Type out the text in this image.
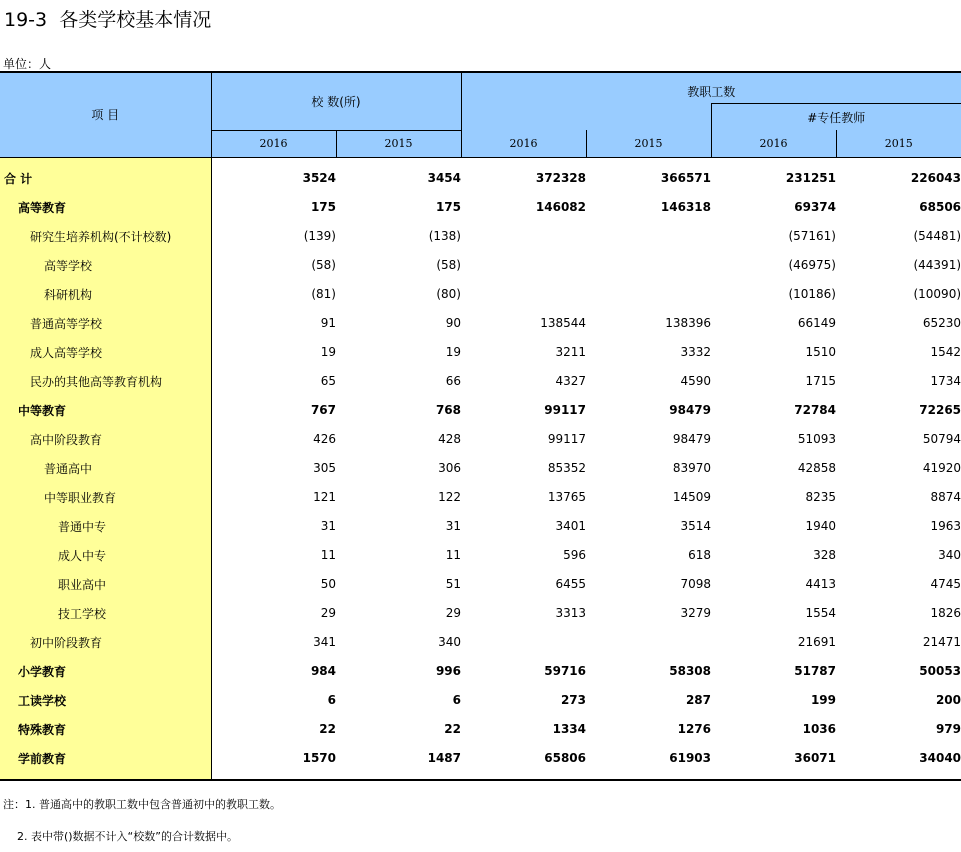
19-3  各类学校基本情况
单位：人
项 目	校 数(所)		教职工数			
					#专任教师	
	2016	2015	2016	2015	2016	2015
合 计	3524	3454	372328	366571	231251	226043
高等教育	175	175	146082	146318	69374	68506
研究生培养机构(不计校数)	(139)	(138)			(57161)	(54481)
高等学校	(58)	(58)			(46975)	(44391)
科研机构	(81)	(80)			(10186)	(10090)
普通高等学校	91	90	138544	138396	66149	65230
成人高等学校	19	19	3211	3332	1510	1542
民办的其他高等教育机构	65	66	4327	4590	1715	1734
中等教育	767	768	99117	98479	72784	72265
高中阶段教育	426	428	99117	98479	51093	50794
普通高中	305	306	85352	83970	42858	41920
中等职业教育	121	122	13765	14509	8235	8874
普通中专	31	31	3401	3514	1940	1963
成人中专	11	11	596	618	328	340
职业高中	50	51	6455	7098	4413	4745
技工学校	29	29	3313	3279	1554	1826
初中阶段教育	341	340			21691	21471
小学教育	984	996	59716	58308	51787	50053
工读学校	6	6	273	287	199	200
特殊教育	22	22	1334	1276	1036	979
学前教育	1570	1487	65806	61903	36071	34040
注：1. 普通高中的教职工数中包含普通初中的教职工数。
2. 表中带()数据不计入“校数”的合计数据中。
